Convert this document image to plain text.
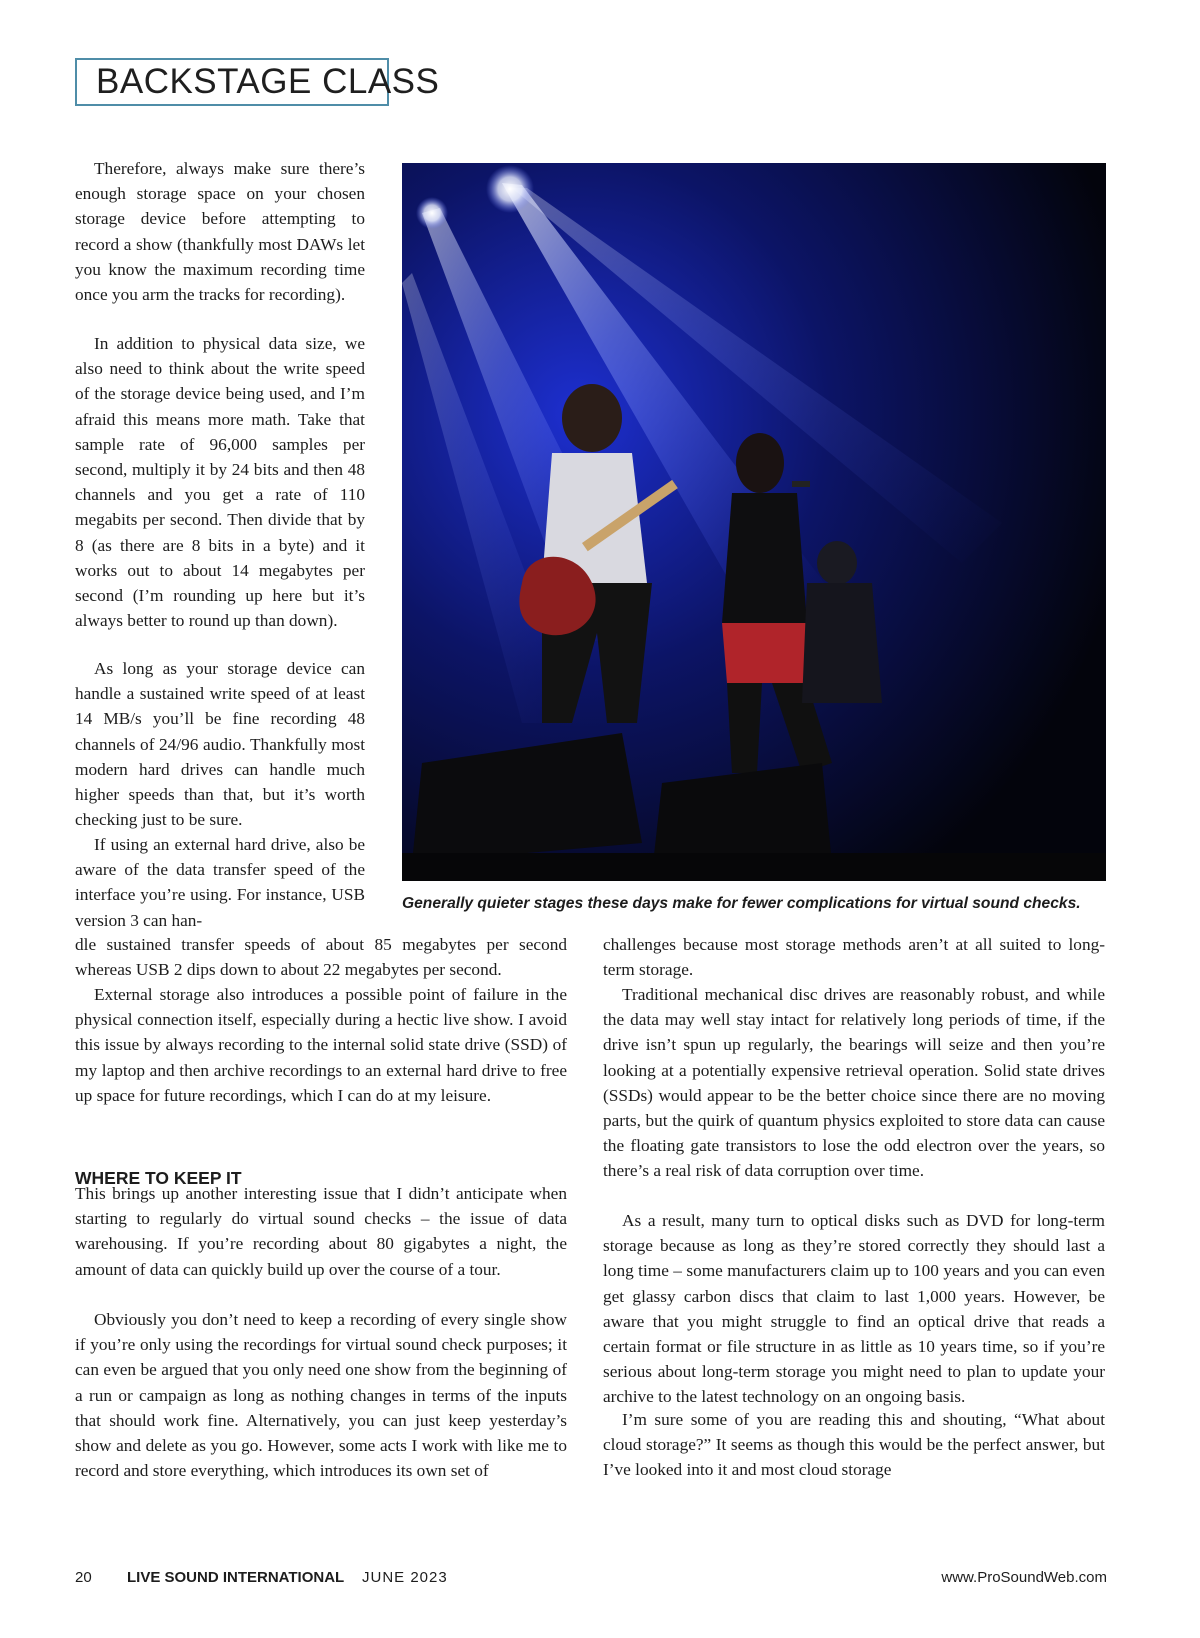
BACKSTAGE CLASS

Therefore, always make sure there’s enough storage space on your chosen storage device before attempting to record a show (thankfully most DAWs let you know the maximum recording time once you arm the tracks for recording).

In addition to physical data size, we also need to think about the write speed of the storage device being used, and I’m afraid this means more math. Take that sample rate of 96,000 samples per second, multiply it by 24 bits and then 48 channels and you get a rate of 110 megabits per second. Then divide that by 8 (as there are 8 bits in a byte) and it works out to about 14 megabytes per second (I’m rounding up here but it’s always better to round up than down).

As long as your storage device can handle a sustained write speed of at least 14 MB/s you’ll be fine recording 48 channels of 24/96 audio. Thankfully most modern hard drives can handle much higher speeds than that, but it’s worth checking just to be sure.

If using an external hard drive, also be aware of the data transfer speed of the interface you’re using. For instance, USB version 3 can han-

dle sustained transfer speeds of about 85 megabytes per second whereas USB 2 dips down to about 22 megabytes per second.

External storage also introduces a possible point of failure in the physical connection itself, especially during a hectic live show. I avoid this issue by always recording to the internal solid state drive (SSD) of my laptop and then archive recordings to an external hard drive to free up space for future recordings, which I can do at my leisure.

WHERE TO KEEP IT

This brings up another interesting issue that I didn’t anticipate when starting to regularly do virtual sound checks – the issue of data warehousing. If you’re recording about 80 gigabytes a night, the amount of data can quickly build up over the course of a tour.

Obviously you don’t need to keep a recording of every single show if you’re only using the recordings for virtual sound check purposes; it can even be argued that you only need one show from the beginning of a run or campaign as long as nothing changes in terms of the inputs that should work fine. Alternatively, you can just keep yesterday’s show and delete as you go. However, some acts I work with like me to record and store everything, which introduces its own set of

challenges because most storage methods aren’t at all suited to long-term storage.

Traditional mechanical disc drives are reasonably robust, and while the data may well stay intact for relatively long periods of time, if the drive isn’t spun up regularly, the bearings will seize and then you’re looking at a potentially expensive retrieval operation. Solid state drives (SSDs) would appear to be the better choice since there are no moving parts, but the quirk of quantum physics exploited to store data can cause the floating gate transistors to lose the odd electron over the years, so there’s a real risk of data corruption over time.

As a result, many turn to optical disks such as DVD for long-term storage because as long as they’re stored correctly they should last a long time – some manufacturers claim up to 100 years and you can even get glassy carbon discs that claim to last 1,000 years. However, be aware that you might struggle to find an optical drive that reads a certain format or file structure in as little as 10 years time, so if you’re serious about long-term storage you might need to plan to update your archive to the latest technology on an ongoing basis.

I’m sure some of you are reading this and shouting, “What about cloud storage?” It seems as though this would be the perfect answer, but I’ve looked into it and most cloud storage

Generally quieter stages these days make for fewer complications for virtual sound checks.

20 LIVE SOUND INTERNATIONAL JUNE 2023	www.ProSoundWeb.com
